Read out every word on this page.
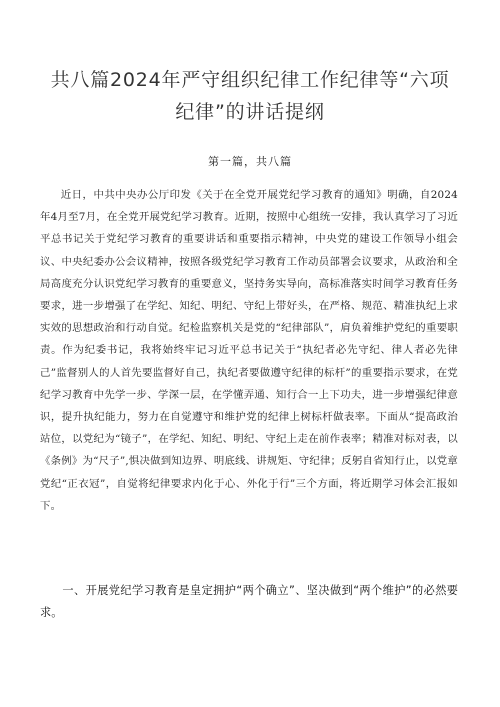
共八篇2024年严守组织纪律工作纪律等“六项纪律”的讲话提纲

第一篇，共八篇

近日，中共中央办公厅印发《关于在全党开展党纪学习教育的通知》明确，自2024年4月至7月，在全党开展党纪学习教育。近期，按照中心组统一安排，我认真学习了习近平总书记关于党纪学习教育的重要讲话和重要指示精神，中央党的建设工作领导小组会议、中央纪委办公会议精神，按照各级党纪学习教育工作动员部署会议要求，从政治和全局高度充分认识党纪学习教育的重要意义，坚持务实导向，高标准落实时间学习教育任务要求，进一步增强了在学纪、知纪、明纪、守纪上带好头，在严格、规范、精准执纪上求实效的思想政治和行动自觉。纪检监察机关是党的“纪律部队”，肩负着维护党纪的重要职责。作为纪委书记，我将始终牢记习近平总书记关于“执纪者必先守纪、律人者必先律己”监督别人的人首先要监督好自己，执纪者要做遵守纪律的标杆”的重要指示要求，在党纪学习教育中先学一步、学深一层，在学懂弄通、知行合一上下功夫，进一步增强纪律意识，提升执纪能力，努力在自觉遵守和维护党的纪律上树标杆做表率。下面从“提高政治站位，以党纪为“镜子”，在学纪、知纪、明纪、守纪上走在前作表率；精准对标对表，以《条例》为“尺子”,惧决做到知边界、明底线、讲规矩、守纪律；反躬自省知行止，以党章党纪“正衣冠”，自觉将纪律要求内化于心、外化于行”三个方面，将近期学习体会汇报如下。

一、开展党纪学习教育是皇定拥护“两个确立”、坚决做到“两个维护”的必然要求。
